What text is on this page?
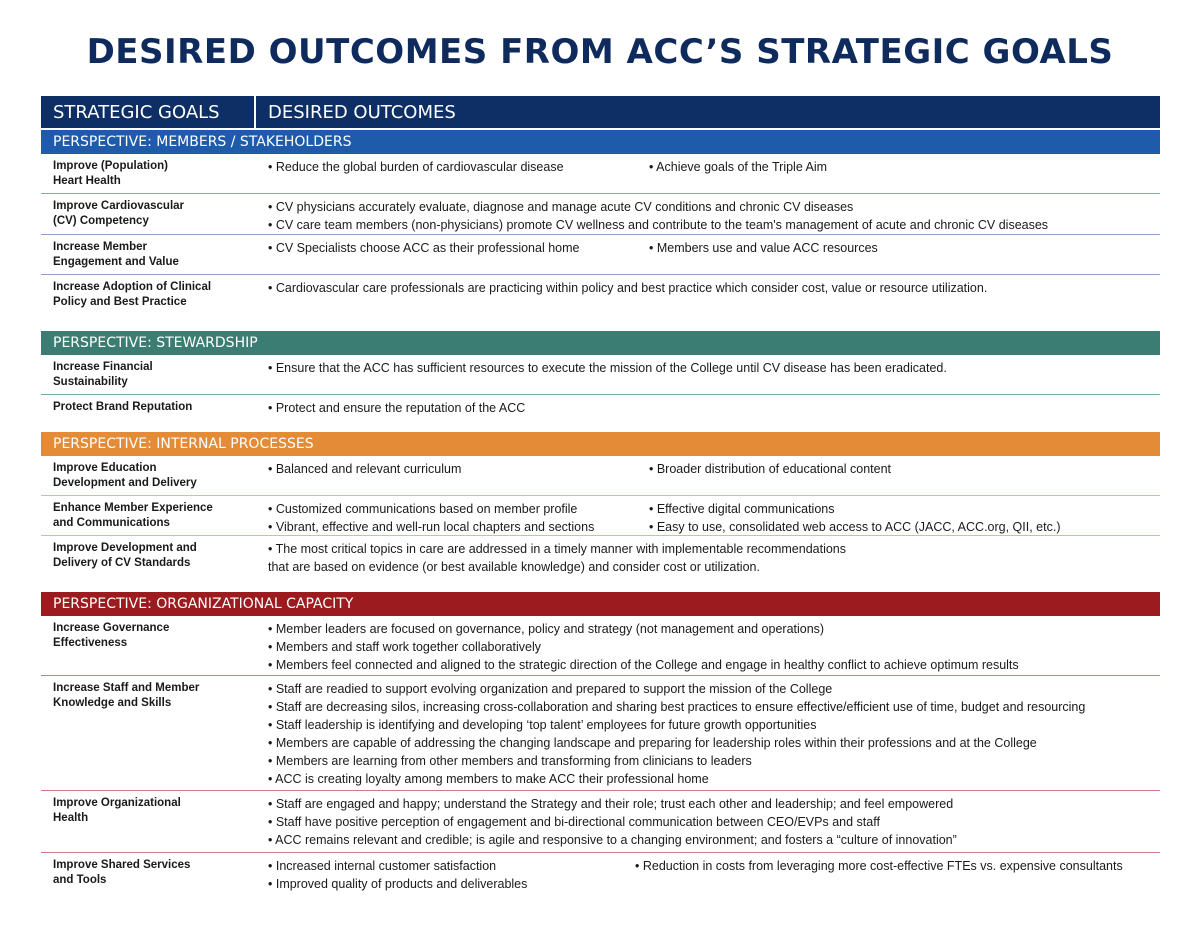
DESIRED OUTCOMES FROM ACC’S STRATEGIC GOALS
STRATEGIC GOALS	DESIRED OUTCOMES
PERSPECTIVE: MEMBERS / STAKEHOLDERS
Improve (Population)
Heart Health
• Reduce the global burden of cardiovascular disease	• Achieve goals of the Triple Aim
Improve Cardiovascular
(CV) Competency
• CV physicians accurately evaluate, diagnose and manage acute CV conditions and chronic CV diseases
• CV care team members (non-physicians) promote CV wellness and contribute to the team's management of acute and chronic CV diseases
Increase Member
Engagement and Value
• CV Specialists choose ACC as their professional home	• Members use and value ACC resources
Increase Adoption of Clinical
Policy and Best Practice
• Cardiovascular care professionals are practicing within policy and best practice which consider cost, value or resource utilization.
PERSPECTIVE: STEWARDSHIP
Increase Financial
Sustainability
• Ensure that the ACC has sufficient resources to execute the mission of the College until CV disease has been eradicated.
Protect Brand Reputation	• Protect and ensure the reputation of the ACC
PERSPECTIVE: INTERNAL PROCESSES
Improve Education
Development and Delivery
• Balanced and relevant curriculum	• Broader distribution of educational content
Enhance Member Experience
and Communications
• Customized communications based on member profile	• Effective digital communications
• Vibrant, effective and well-run local chapters and sections	• Easy to use, consolidated web access to ACC (JACC, ACC.org, QII, etc.)
Improve Development and
Delivery of CV Standards
• The most critical topics in care are addressed in a timely manner with implementable recommendations
that are based on evidence (or best available knowledge) and consider cost or utilization.
PERSPECTIVE: ORGANIZATIONAL CAPACITY
Increase Governance
Effectiveness
• Member leaders are focused on governance, policy and strategy (not management and operations)
• Members and staff work together collaboratively
• Members feel connected and aligned to the strategic direction of the College and engage in healthy conflict to achieve optimum results
Increase Staff and Member
Knowledge and Skills
• Staff are readied to support evolving organization and prepared to support the mission of the College
• Staff are decreasing silos, increasing cross-collaboration and sharing best practices to ensure effective/efficient use of time, budget and resourcing
• Staff leadership is identifying and developing ‘top talent’ employees for future growth opportunities
• Members are capable of addressing the changing landscape and preparing for leadership roles within their professions and at the College
• Members are learning from other members and transforming from clinicians to leaders
• ACC is creating loyalty among members to make ACC their professional home
Improve Organizational
Health
• Staff are engaged and happy; understand the Strategy and their role; trust each other and leadership; and feel empowered
• Staff have positive perception of engagement and bi-directional communication between CEO/EVPs and staff
• ACC remains relevant and credible; is agile and responsive to a changing environment; and fosters a “culture of innovation”
Improve Shared Services
and Tools
• Increased internal customer satisfaction	• Reduction in costs from leveraging more cost-effective FTEs vs. expensive consultants
• Improved quality of products and deliverables
